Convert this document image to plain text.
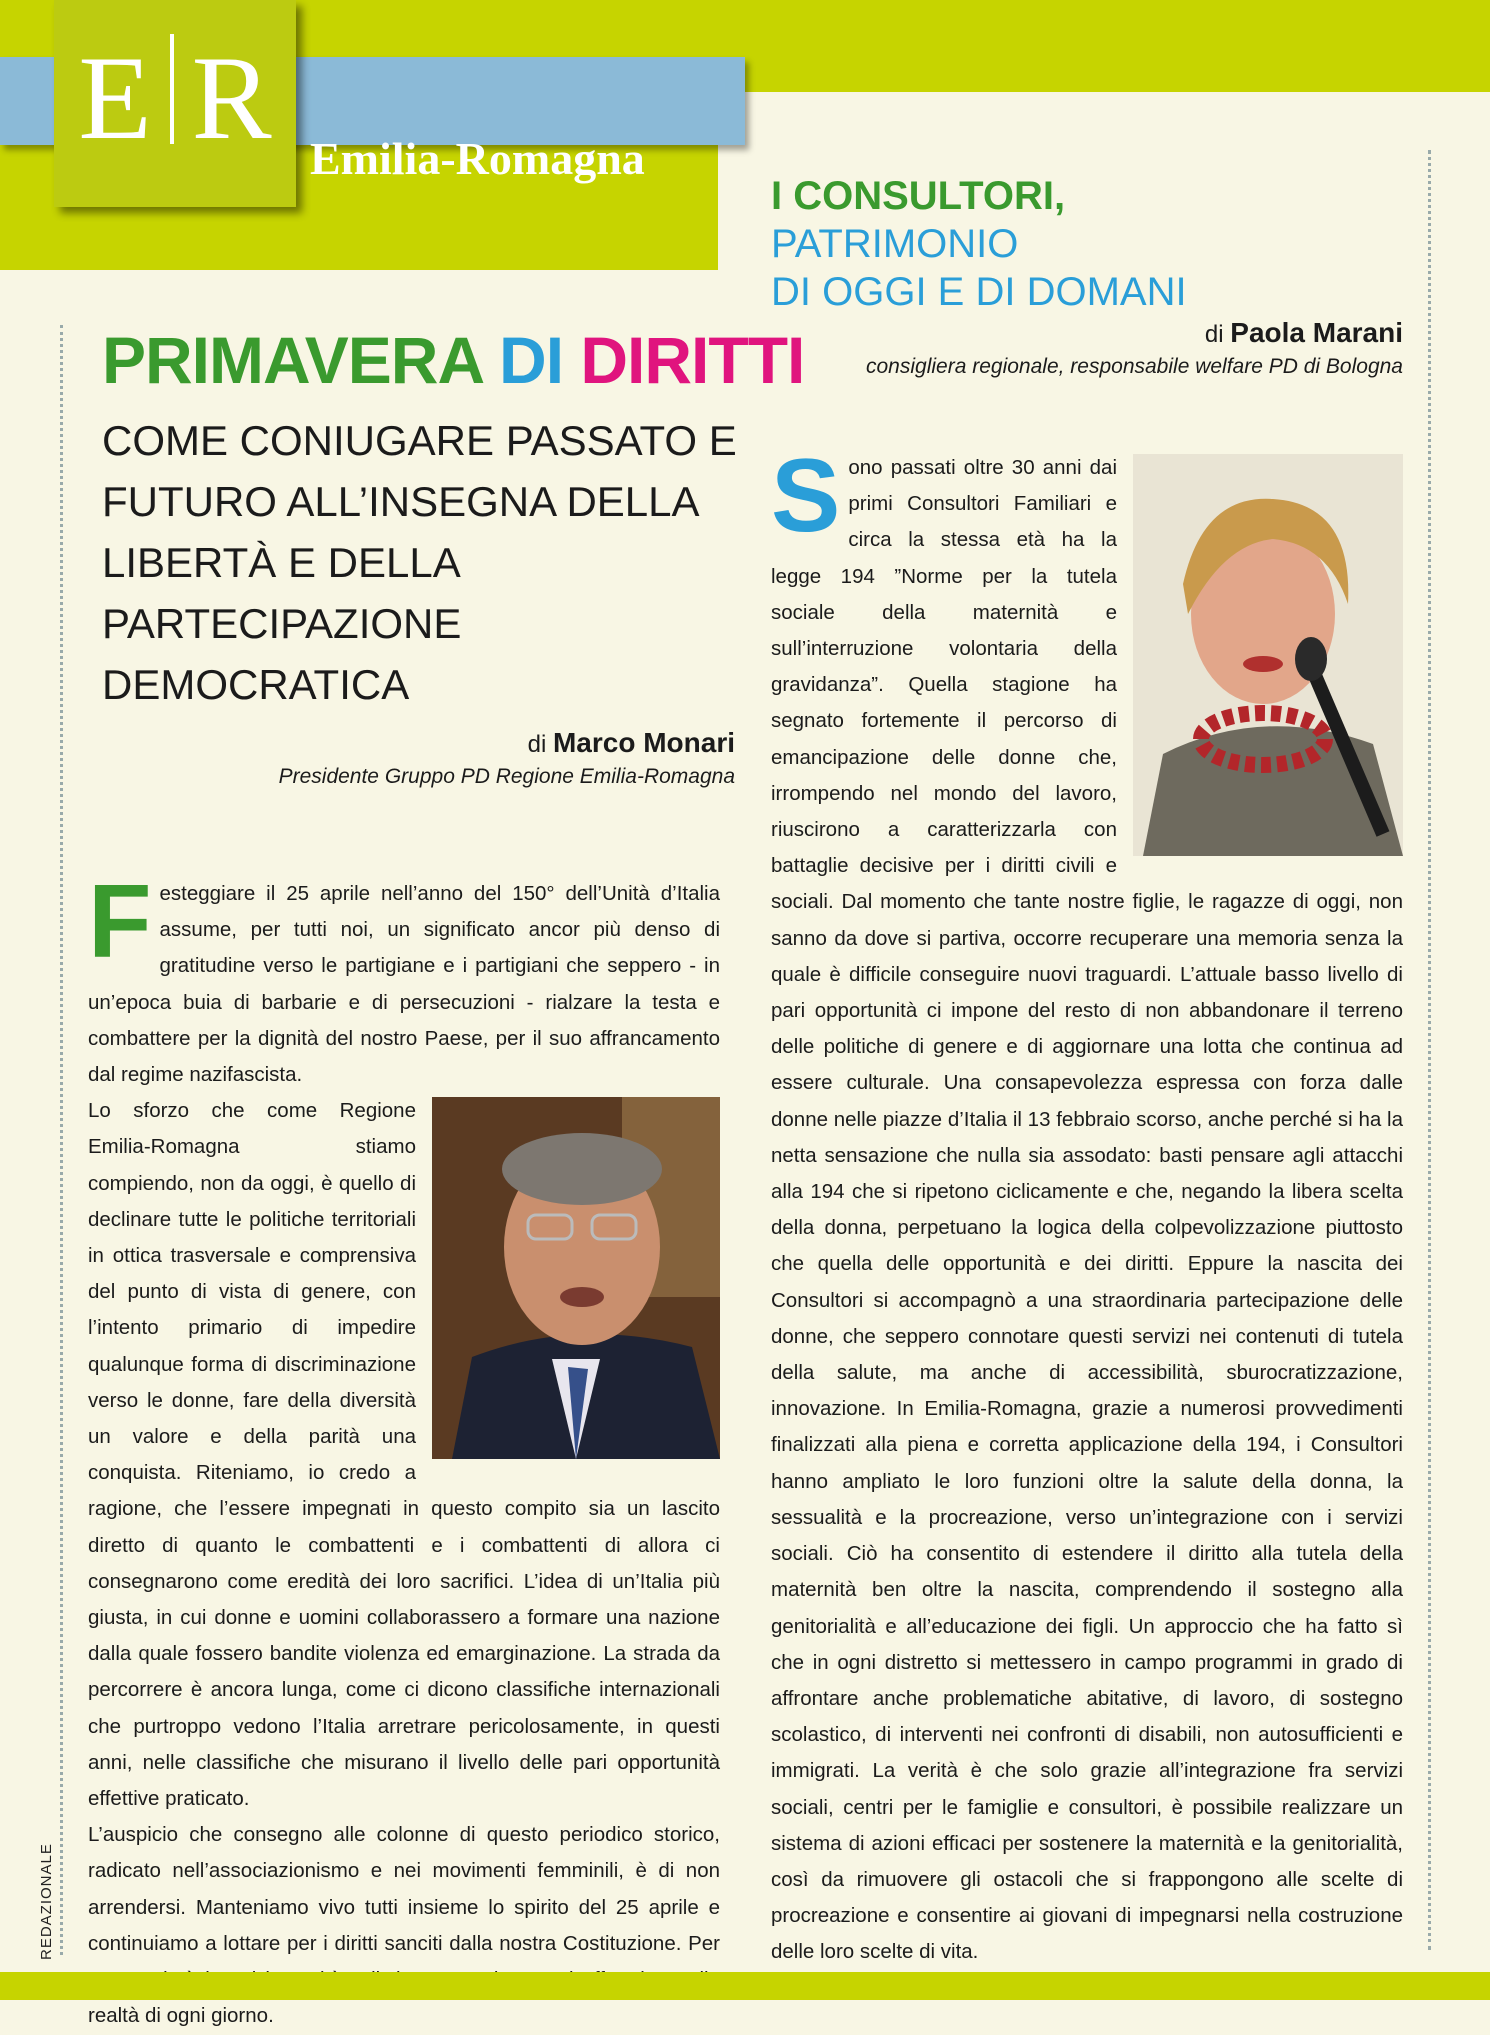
Emilia-Romagna
E R
REDAZIONALE
PRIMAVERA DI DIRITTI
COME CONIUGARE PASSATO E FUTURO ALL’INSEGNA DELLA LIBERTÀ E DELLA PARTECIPAZIONE DEMOCRATICA
di Marco Monari
Presidente Gruppo PD Regione Emilia-Romagna

Festeggiare il 25 aprile nell’anno del 150° dell’Unità d’Italia assume, per tutti noi, un significato ancor più denso di gratitudine verso le partigiane e i partigiani che seppero - in un’epoca buia di barbarie e di persecuzioni - rialzare la testa e combattere per la dignità del nostro Paese, per il suo affrancamento dal regime nazifascista.

Lo sforzo che come Regione Emilia-Romagna stiamo compiendo, non da oggi, è quello di declinare tutte le politiche territoriali in ottica trasversale e comprensiva del punto di vista di genere, con l’intento primario di impedire qualunque forma di discriminazione verso le donne, fare della diversità un valore e della parità una conquista. Riteniamo, io credo a ragione, che l’essere impegnati in questo compito sia un lascito diretto di quanto le combattenti e i combattenti di allora ci consegnarono come eredità dei loro sacrifici. L’idea di un’Italia più giusta, in cui donne e uomini collaborassero a formare una nazione dalla quale fossero bandite violenza ed emarginazione. La strada da percorrere è ancora lunga, come ci dicono classifiche internazionali che purtroppo vedono l’Italia arretrare pericolosamente, in questi anni, nelle classifiche che misurano il livello delle pari opportunità effettive praticato.

L’auspicio che consegno alle colonne di questo periodico storico, radicato nell’associazionismo e nei movimenti femminili, è di non arrendersi. Manteniamo vivo tutti insieme lo spirito del 25 aprile e continuiamo a lottare per i diritti sanciti dalla nostra Costituzione. Per realtà di ogni giorno.

I CONSULTORI,
PATRIMONIO
DI OGGI E DI DOMANI
di Paola Marani
consigliera regionale, responsabile welfare PD di Bologna

S ono passati oltre 30 anni dai primi Consultori Familiari e circa la stessa età ha la legge 194 ”Norme per la tutela sociale della maternità e sull’interruzione volontaria della gravidanza”. Quella stagione ha segnato fortemente il percorso di emancipazione delle donne che, irrompendo nel mondo del lavoro, riuscirono a caratterizzarla con battaglie decisive per i diritti civili e sociali. Dal momento che tante nostre figlie, le ragazze di oggi, non sanno da dove si partiva, occorre recuperare una memoria senza la quale è difficile conseguire nuovi traguardi. L’attuale basso livello di pari opportunità ci impone del resto di non abbandonare il terreno delle politiche di genere e di aggiornare una lotta che continua ad essere culturale. Una consapevolezza espressa con forza dalle donne nelle piazze d’Italia il 13 febbraio scorso, anche perché si ha la netta sensazione che nulla sia assodato: basti pensare agli attacchi alla 194 che si ripetono ciclicamente e che, negando la libera scelta della donna, perpetuano la logica della colpevolizzazione piuttosto che quella delle opportunità e dei diritti. Eppure la nascita dei Consultori si accompagnò a una straordinaria partecipazione delle donne, che seppero connotare questi servizi nei contenuti di tutela della salute, ma anche di accessibilità, sburocratizzazione, innovazione. In Emilia-Romagna, grazie a numerosi provvedimenti finalizzati alla piena e corretta applicazione della 194, i Consultori hanno ampliato le loro funzioni oltre la salute della donna, la sessualità e la procreazione, verso un’integrazione con i servizi sociali. Ciò ha consentito di estendere il diritto alla tutela della maternità ben oltre la nascita, comprendendo il sostegno alla genitorialità e all’educazione dei figli. Un approccio che ha fatto sì che in ogni distretto si mettessero in campo programmi in grado di affrontare anche problematiche abitative, di lavoro, di sostegno scolastico, di interventi nei confronti di disabili, non autosufficienti e immigrati. La verità è che solo grazie all’integrazione fra servizi sociali, centri per le famiglie e consultori, è possibile realizzare un sistema di azioni efficaci per sostenere la maternità e la genitorialità, così da rimuovere gli ostacoli che si frappongono alle scelte di procreazione e consentire ai giovani di impegnarsi nella costruzione delle loro scelte di vita.
